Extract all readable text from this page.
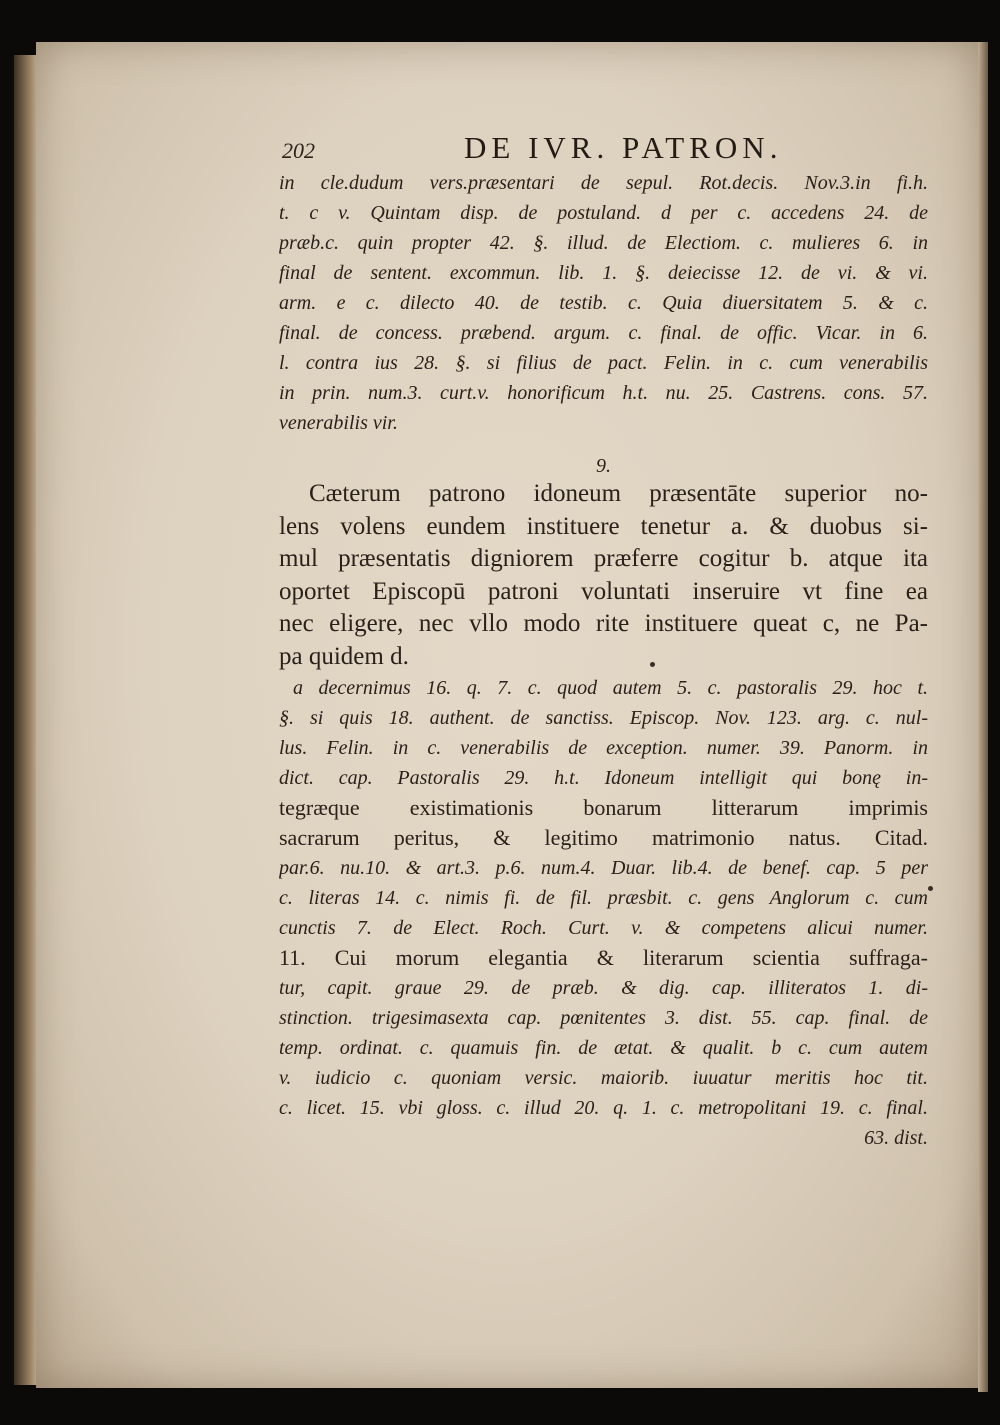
202	DE IVR. PATRON.
in cle.dudum vers.præsentari de sepul. Rot.decis. Nov.3.in fi.h.
t. c v. Quintam disp. de postuland. d per c. accedens 24. de
præb.c. quin propter 42. §. illud. de Electiom. c. mulieres 6. in
final de sentent. excommun. lib. 1. §. deiecisse 12. de vi. & vi.
arm. e c. dilecto 40. de testib. c. Quia diuersitatem 5. & c.
final. de concess. præbend. argum. c. final. de offic. Vicar. in 6.
l. contra ius 28. §. si filius de pact. Felin. in c. cum venerabilis
in prin. num.3. curt.v. honorificum h.t. nu. 25. Castrens. cons. 57.
venerabilis vir.
9.
Cæterum patrono idoneum præsentāte superior no-
lens volens eundem instituere tenetur a. & duobus si-
mul præsentatis digniorem præferre cogitur b. atque ita
oportet Episcopū patroni voluntati inseruire vt fine ea
nec eligere, nec vllo modo rite instituere queat c, ne Pa-
pa quidem d.
a decernimus 16. q. 7. c. quod autem 5. c. pastoralis 29. hoc t.
§. si quis 18. authent. de sanctiss. Episcop. Nov. 123. arg. c. nul-
lus. Felin. in c. venerabilis de exception. numer. 39. Panorm. in
dict. cap. Pastoralis 29. h.t. Idoneum intelligit qui bonę in-
tegræque existimationis bonarum litterarum imprimis
sacrarum peritus, & legitimo matrimonio natus. Citad.
par.6. nu.10. & art.3. p.6. num.4. Duar. lib.4. de benef. cap. 5 per
c. literas 14. c. nimis fi. de fil. præsbit. c. gens Anglorum c. cum
cunctis 7. de Elect. Roch. Curt. v. & competens alicui numer.
11. Cui morum elegantia & literarum scientia suffraga-
tur, capit. graue 29. de præb. & dig. cap. illiteratos 1. di-
stinction. trigesimasexta cap. pœnitentes 3. dist. 55. cap. final. de
temp. ordinat. c. quamuis fin. de ætat. & qualit. b c. cum autem
v. iudicio c. quoniam versic. maiorib. iuuatur meritis hoc tit.
c. licet. 15. vbi gloss. c. illud 20. q. 1. c. metropolitani 19. c. final.
63. dist.
